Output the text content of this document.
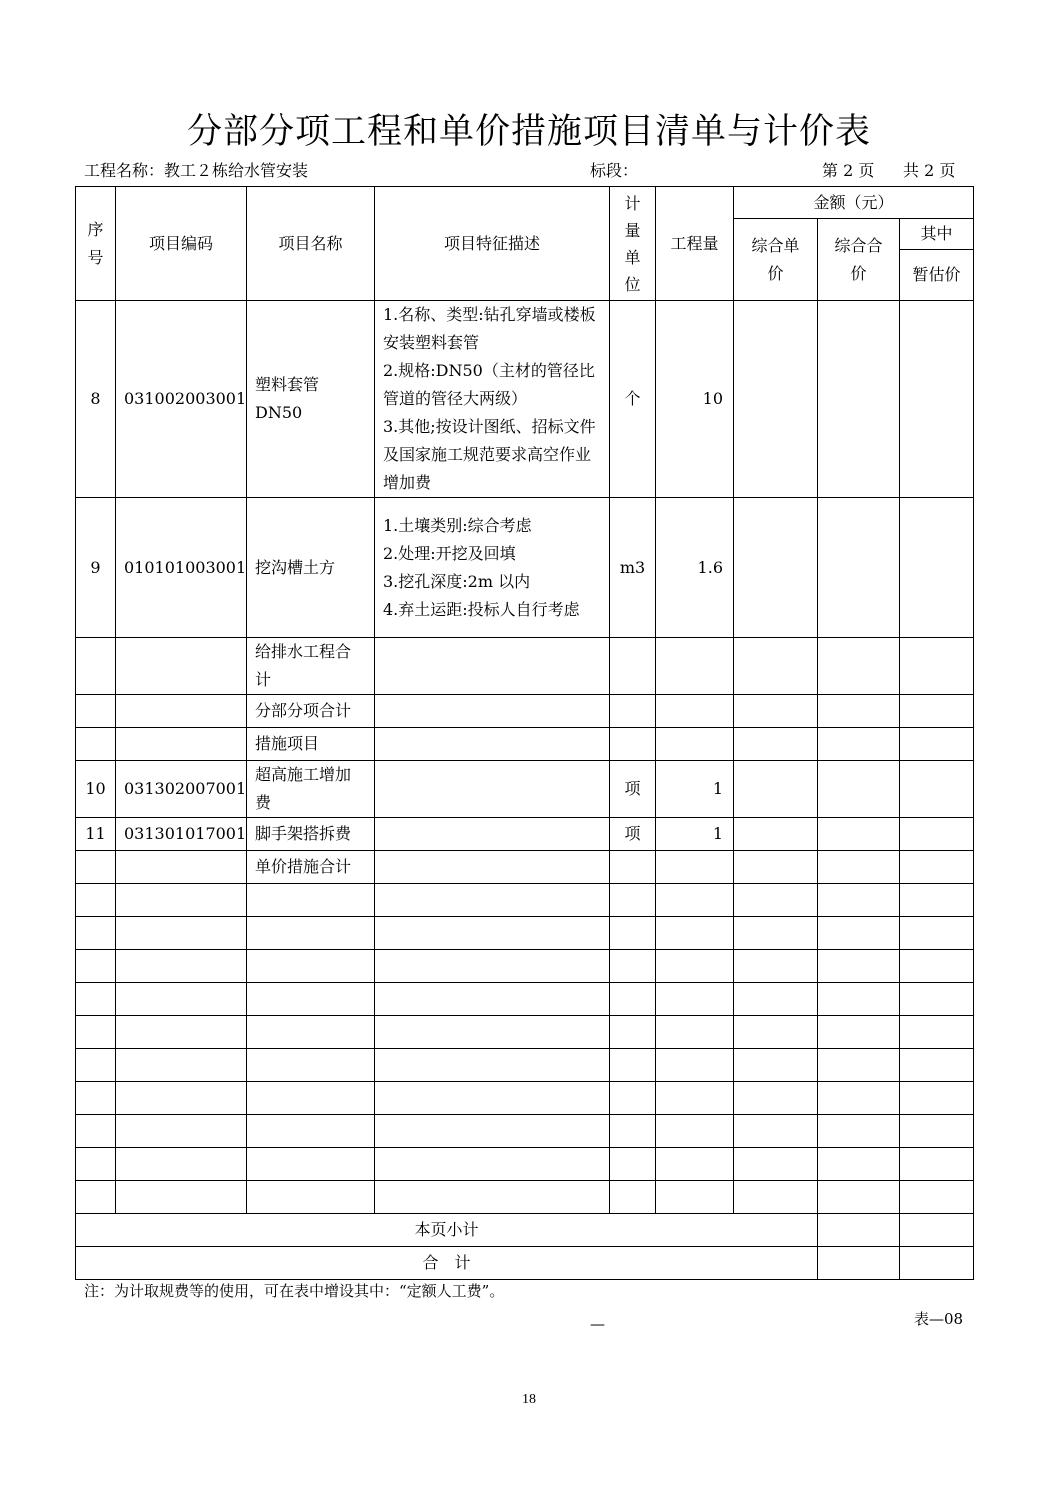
分部分项工程和单价措施项目清单与计价表
工程名称：教工２栋给水管安装	标段：	第 2 页 共 2 页
序号	项目编码	项目名称	项目特征描述	计量单位	工程量	金额（元）		
						综合单价	综合合价	其中
								暂估价
8	031002003001	塑料套管DN50	1.名称、类型:钻孔穿墙或楼板安装塑料套管
2.规格:DN50（主材的管径比管道的管径大两级）
3.其他;按设计图纸、招标文件及国家施工规范要求高空作业增加费	个	10			
9	010101003001	挖沟槽土方	1.土壤类别:综合考虑
2.处理:开挖及回填
3.挖孔深度:2m 以内
4.弃土运距:投标人自行考虑	m3	1.6			
		给排水工程合计						
		分部分项合计						
		措施项目						
10	031302007001	超高施工增加费		项	1			
11	031301017001	脚手架搭拆费		项	1			
		单价措施合计						

本页小计								
合　计								
注：为计取规费等的使用，可在表中增设其中：“定额人工费”。
表—08
—
18
